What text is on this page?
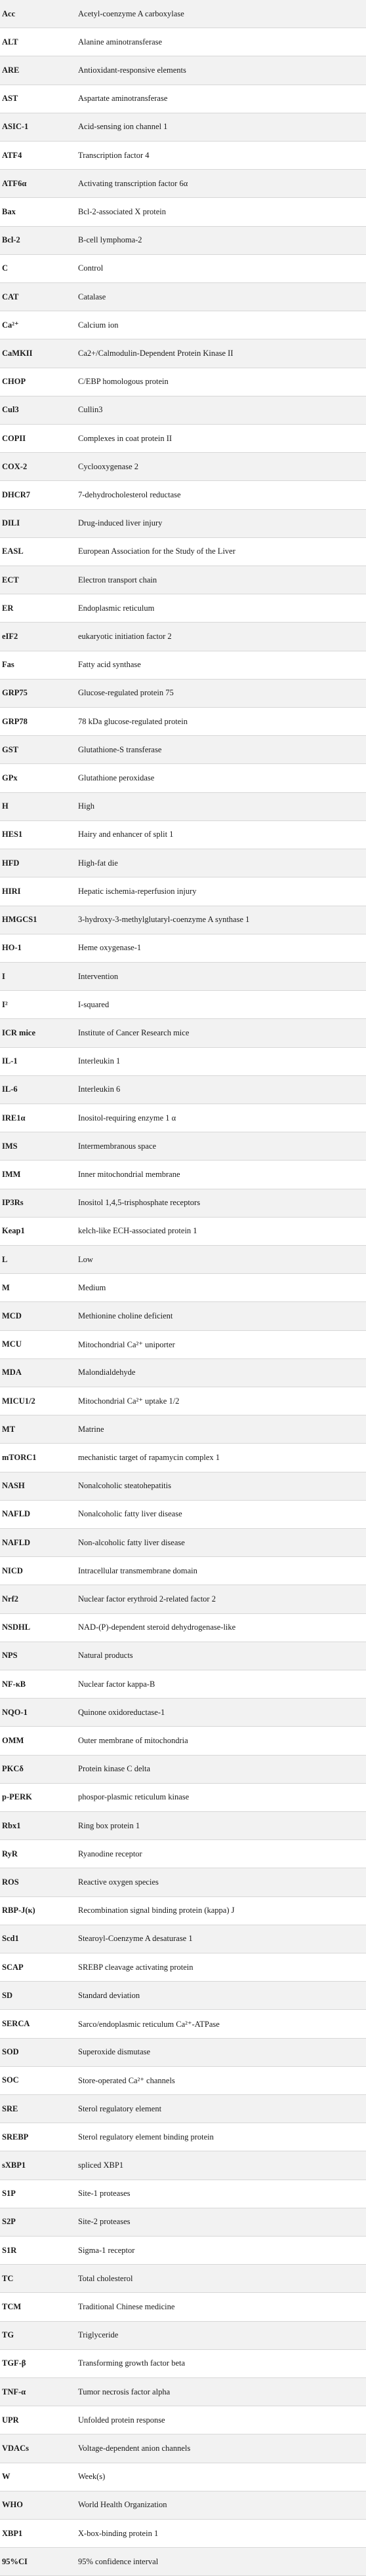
Acc	Acetyl-coenzyme A carboxylase
ALT	Alanine aminotransferase
ARE	Antioxidant-responsive elements
AST	Aspartate aminotransferase
ASIC-1	Acid-sensing ion channel 1
ATF4	Transcription factor 4
ATF6α	Activating transcription factor 6α
Bax	Bcl-2-associated X protein
Bcl-2	B-cell lymphoma-2
C	Control
CAT	Catalase
Ca²⁺	Calcium ion
CaMKII	Ca2+/Calmodulin-Dependent Protein Kinase II
CHOP	C/EBP homologous protein
Cul3	Cullin3
COPII	Complexes in coat protein II
COX-2	Cyclooxygenase 2
DHCR7	7-dehydrocholesterol reductase
DILI	Drug-induced liver injury
EASL	European Association for the Study of the Liver
ECT	Electron transport chain
ER	Endoplasmic reticulum
eIF2	eukaryotic initiation factor 2
Fas	Fatty acid synthase
GRP75	Glucose-regulated protein 75
GRP78	78 kDa glucose-regulated protein
GST	Glutathione-S transferase
GPx	Glutathione peroxidase
H	High
HES1	Hairy and enhancer of split 1
HFD	High-fat die
HIRI	Hepatic ischemia-reperfusion injury
HMGCS1	3-hydroxy-3-methylglutaryl-coenzyme A synthase 1
HO-1	Heme oxygenase-1
I	Intervention
I²	I-squared
ICR mice	Institute of Cancer Research mice
IL-1	Interleukin 1
IL-6	Interleukin 6
IRE1α	Inositol-requiring enzyme 1 α
IMS	Intermembranous space
IMM	Inner mitochondrial membrane
IP3Rs	Inositol 1,4,5-trisphosphate receptors
Keap1	kelch-like ECH-associated protein 1
L	Low
M	Medium
MCD	Methionine choline deficient
MCU	Mitochondrial Ca²⁺ uniporter
MDA	Malondialdehyde
MICU1/2	Mitochondrial Ca²⁺ uptake 1/2
MT	Matrine
mTORC1	mechanistic target of rapamycin complex 1
NASH	Nonalcoholic steatohepatitis
NAFLD	Nonalcoholic fatty liver disease
NAFLD	Non-alcoholic fatty liver disease
NICD	Intracellular transmembrane domain
Nrf2	Nuclear factor erythroid 2-related factor 2
NSDHL	NAD-(P)-dependent steroid dehydrogenase-like
NPS	Natural products
NF-κB	Nuclear factor kappa-B
NQO-1	Quinone oxidoreductase-1
OMM	Outer membrane of mitochondria
PKCδ	Protein kinase C delta
p-PERK	phospor-plasmic reticulum kinase
Rbx1	Ring box protein 1
RyR	Ryanodine receptor
ROS	Reactive oxygen species
RBP-J(κ)	Recombination signal binding protein (kappa) J
Scd1	Stearoyl-Coenzyme A desaturase 1
SCAP	SREBP cleavage activating protein
SD	Standard deviation
SERCA	Sarco/endoplasmic reticulum Ca²⁺-ATPase
SOD	Superoxide dismutase
SOC	Store-operated Ca²⁺ channels
SRE	Sterol regulatory element
SREBP	Sterol regulatory element binding protein
sXBP1	spliced XBP1
S1P	Site-1 proteases
S2P	Site-2 proteases
S1R	Sigma-1 receptor
TC	Total cholesterol
TCM	Traditional Chinese medicine
TG	Triglyceride
TGF-β	Transforming growth factor beta
TNF-α	Tumor necrosis factor alpha
UPR	Unfolded protein response
VDACs	Voltage-dependent anion channels
W	Week(s)
WHO	World Health Organization
XBP1	X-box-binding protein 1
95%CI	95% confidence interval
